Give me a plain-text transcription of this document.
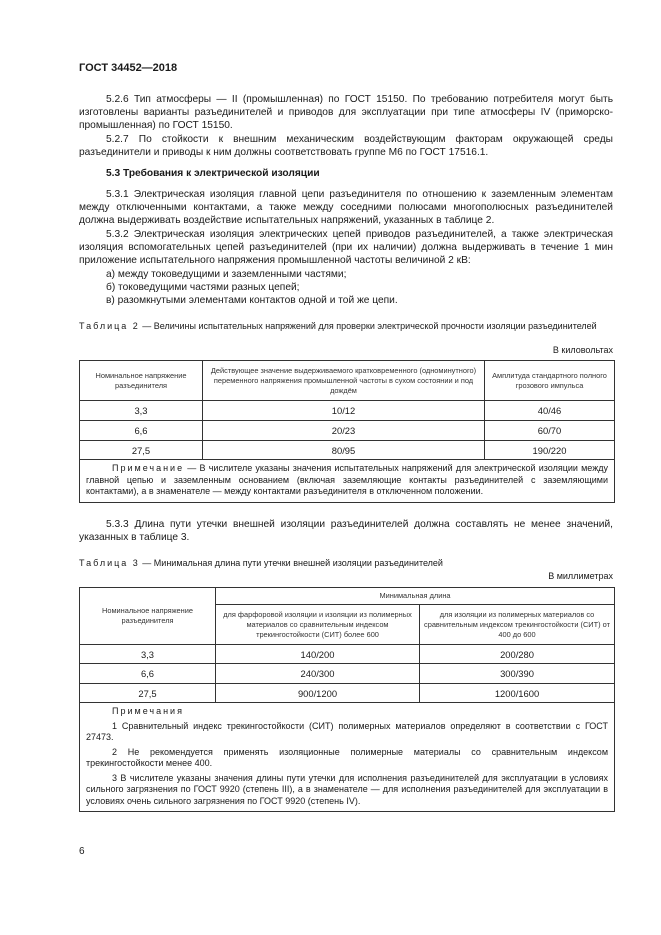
ГОСТ 34452—2018
5.2.6 Тип атмосферы — II (промышленная) по ГОСТ 15150. По требованию потребителя могут быть изготовлены варианты разъединителей и приводов для эксплуатации при типе атмосферы IV (приморско-промышленная) по ГОСТ 15150.
5.2.7 По стойкости к внешним механическим воздействующим факторам окружающей среды разъединители и приводы к ним должны соответствовать группе М6 по ГОСТ 17516.1.
5.3 Требования к электрической изоляции
5.3.1 Электрическая изоляция главной цепи разъединителя по отношению к заземленным элементам между отключенными контактами, а также между соседними полюсами многополюсных разъединителей должна выдерживать воздействие испытательных напряжений, указанных в таблице 2.
5.3.2 Электрическая изоляция электрических цепей приводов разъединителей, а также электрическая изоляция вспомогательных цепей разъединителей (при их наличии) должна выдерживать в течение 1 мин приложение испытательного напряжения промышленной частоты величиной 2 кВ:
а) между токоведущими и заземленными частями;
б) токоведущими частями разных цепей;
в) разомкнутыми элементами контактов одной и той же цепи.
Таблица 2 — Величины испытательных напряжений для проверки электрической прочности изоляции разъединителей
В киловольтах
Номинальное напряжение разъединителя	Действующее значение выдерживаемого кратковременного (одноминутного) переменного напряжения промышленной частоты в сухом состоянии и под дождём	Амплитуда стандартного полного грозового импульса
3,3	10/12	40/46
6,6	20/23	60/70
27,5	80/95	190/220

Примечание — В числителе указаны значения испытательных напряжений для электрической изоляции между главной цепью и заземленным основанием (включая заземляющие контакты разъединителей с заземляющими контактами), а в знаменателе — между контактами разъединителя в отключенном положении.		

5.3.3 Длина пути утечки внешней изоляции разъединителей должна составлять не менее значений, указанных в таблице 3.
Таблица 3 — Минимальная длина пути утечки внешней изоляции разъединителей
В миллиметрах
Номинальное напряжение разъединителя	Минимальная длина	
	для фарфоровой изоляции и изоляции из полимерных материалов со сравнительным индексом трекингостойкости (СИТ) более 600	для изоляции из полимерных материалов со сравнительным индексом трекингостойкости (СИТ) от 400 до 600
3,3	140/200	200/280
6,6	240/300	300/390
27,5	900/1200	1200/1600

Примечания

1 Сравнительный индекс трекингостойкости (СИТ) полимерных материалов определяют в соответствии с ГОСТ 27473.

2 Не рекомендуется применять изоляционные полимерные материалы со сравнительным индексом трекингостойкости менее 400.

3 В числителе указаны значения длины пути утечки для исполнения разъединителей для эксплуатации в условиях сильного загрязнения по ГОСТ 9920 (степень III), а в знаменателе — для исполнения разъединителей для эксплуатации в условиях очень сильного загрязнения по ГОСТ 9920 (степень IV).		

6
